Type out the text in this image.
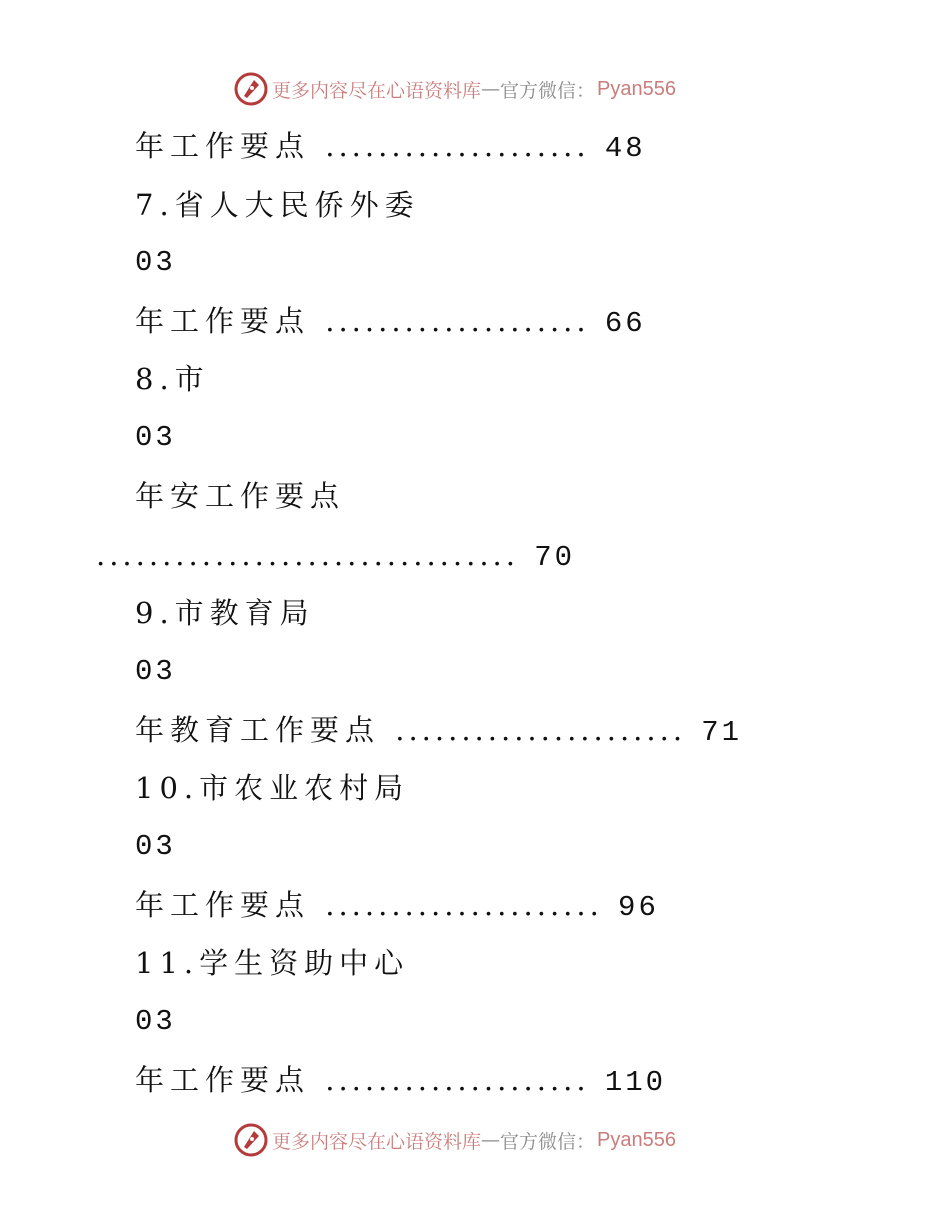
更多内容尽在心语资料库 — 官方微信： Pyan556
年工作要点 .................... 48
7.省人大民侨外委
03
年工作要点 .................... 66
8.市
03
年安工作要点
................................ 70
9.市教育局
03
年教育工作要点 ...................... 71
10.市农业农村局
03
年工作要点 ..................... 96
11.学生资助中心
03
年工作要点 .................... 110
更多内容尽在心语资料库 — 官方微信： Pyan556
